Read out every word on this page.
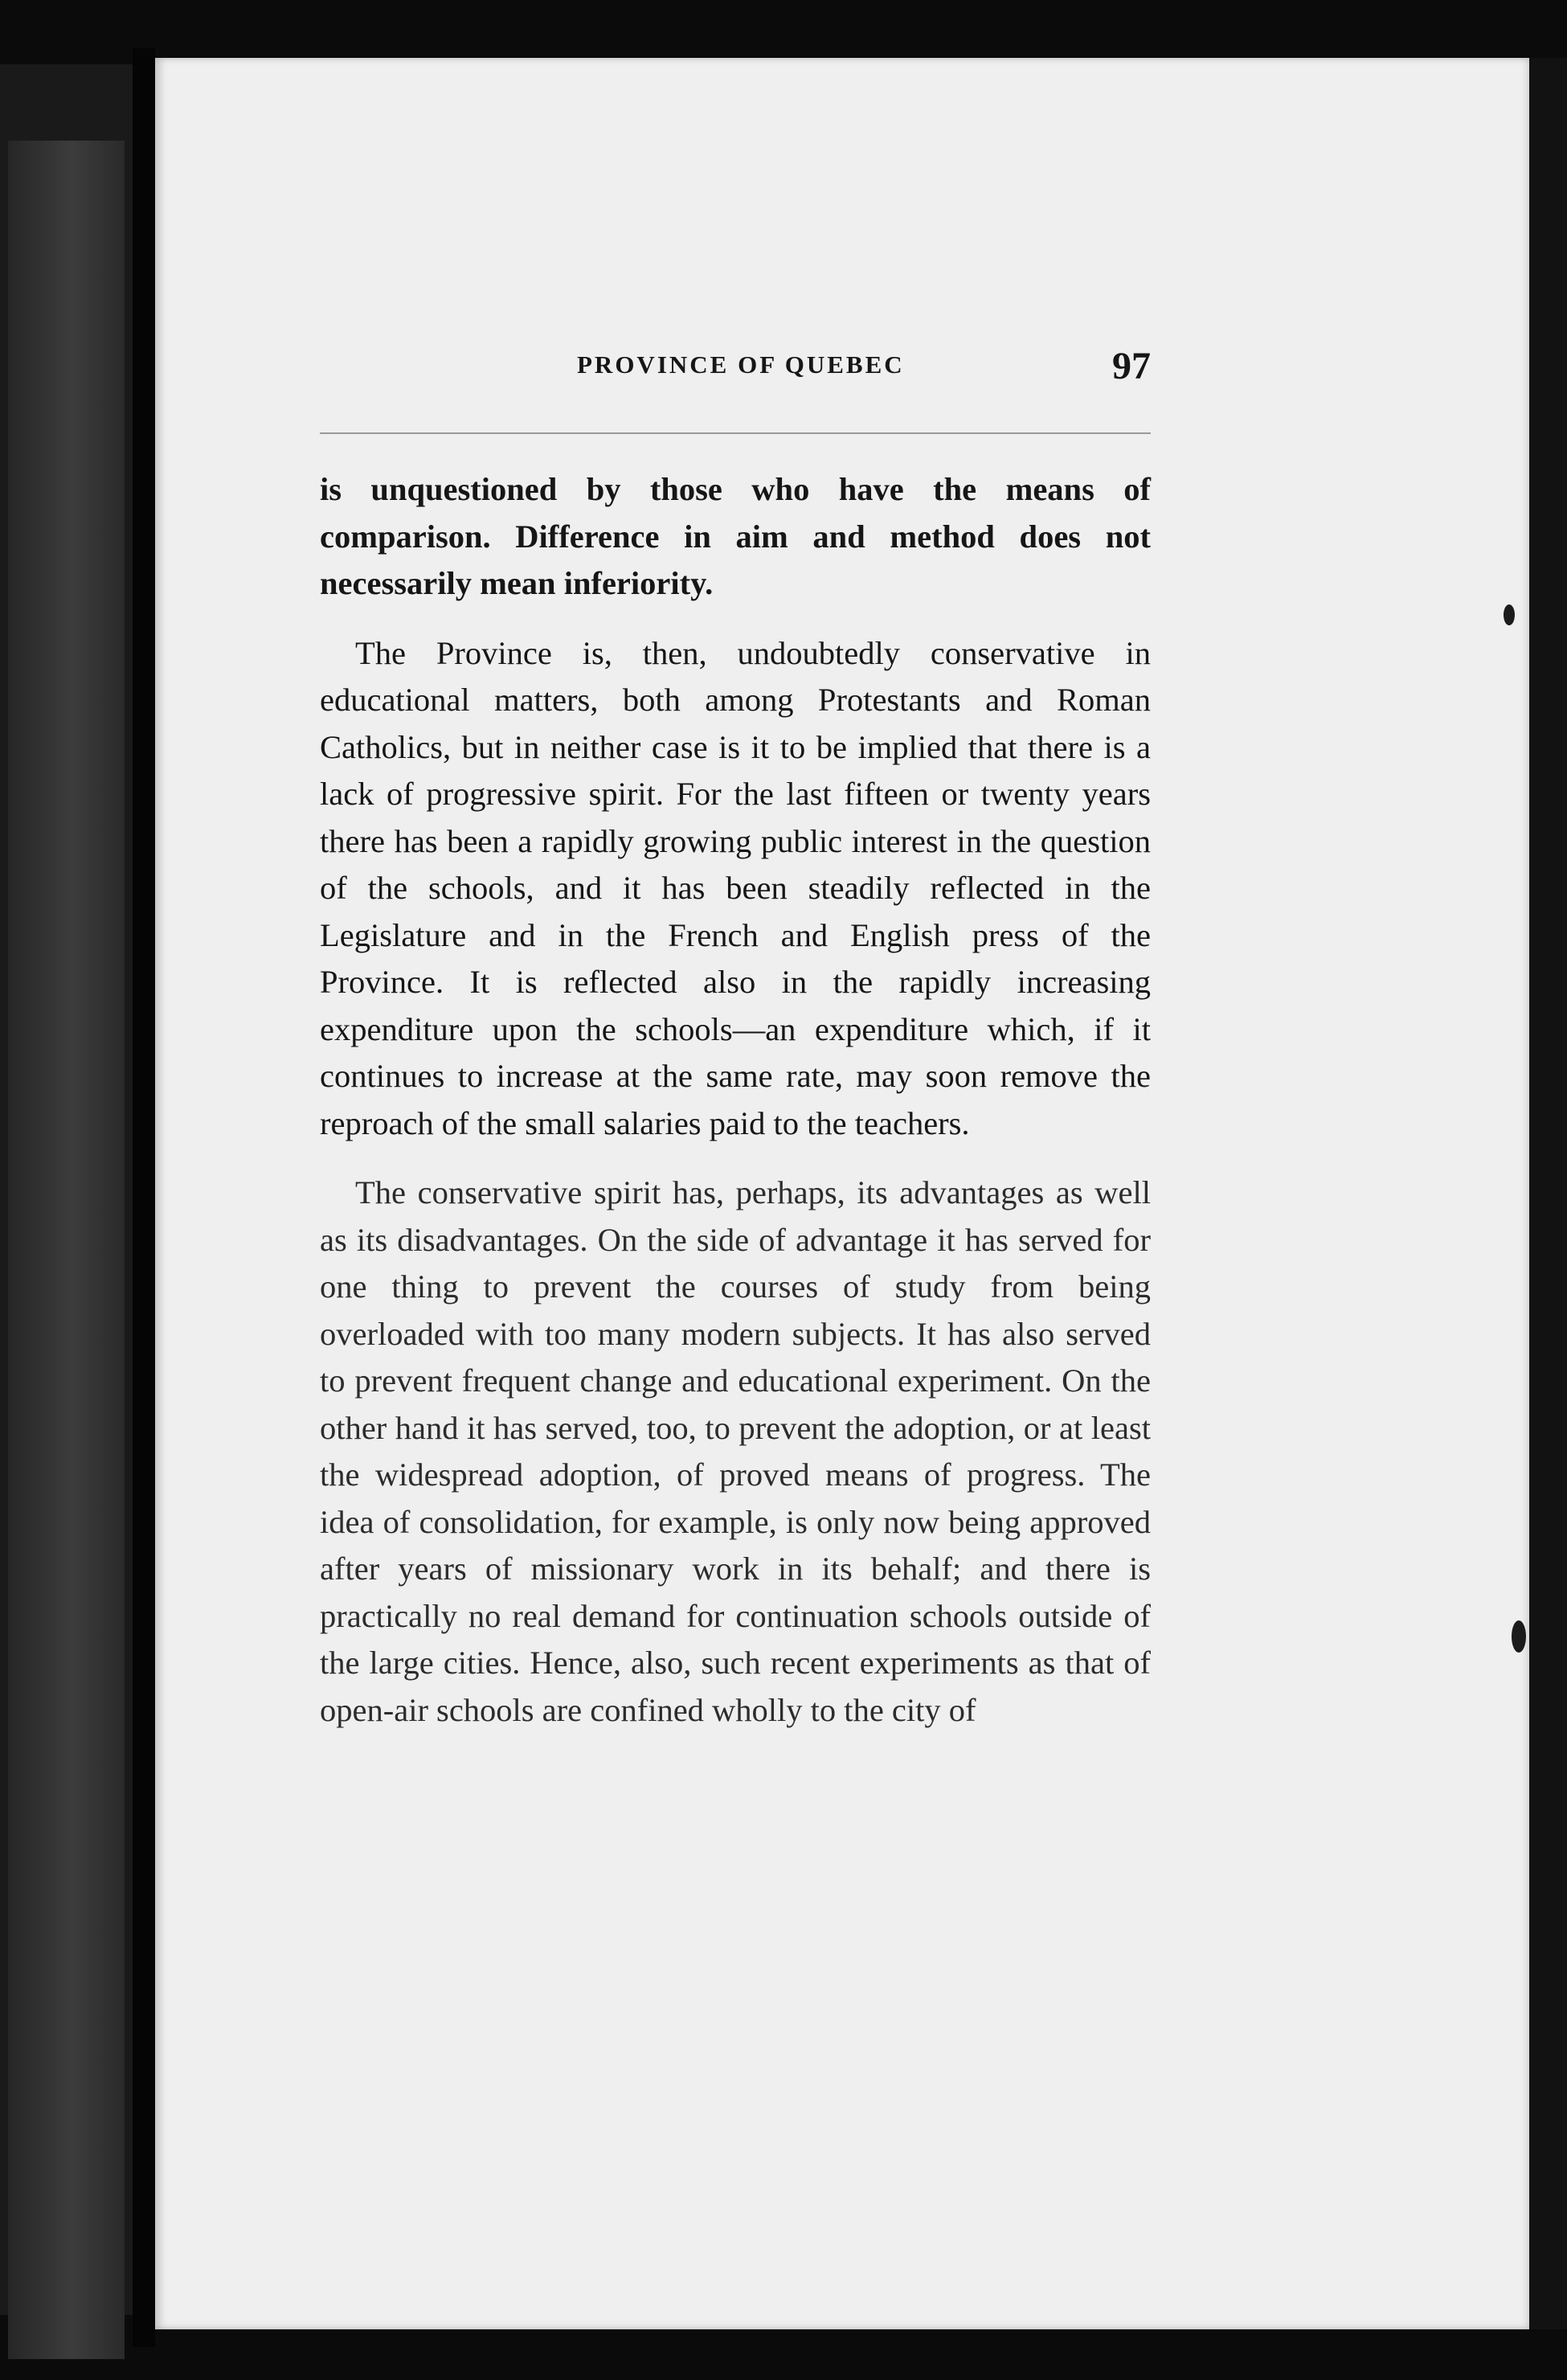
PROVINCE OF QUEBEC	97

is unquestioned by those who have the means of comparison. Difference in aim and method does not necessarily mean inferiority.

The Province is, then, undoubtedly conservative in educational matters, both among Protestants and Roman Catholics, but in neither case is it to be implied that there is a lack of progressive spirit. For the last fifteen or twenty years there has been a rapidly growing public interest in the question of the schools, and it has been steadily reflected in the Legislature and in the French and English press of the Province. It is reflected also in the rapidly increasing expenditure upon the schools—an expenditure which, if it continues to increase at the same rate, may soon remove the reproach of the small salaries paid to the teachers.

The conservative spirit has, perhaps, its advantages as well as its disadvantages. On the side of advantage it has served for one thing to prevent the courses of study from being overloaded with too many modern subjects. It has also served to prevent frequent change and educational experiment. On the other hand it has served, too, to prevent the adoption, or at least the widespread adoption, of proved means of progress. The idea of consolidation, for example, is only now being approved after years of missionary work in its behalf; and there is practically no real demand for continuation schools outside of the large cities. Hence, also, such recent experiments as that of open-air schools are confined wholly to the city of
